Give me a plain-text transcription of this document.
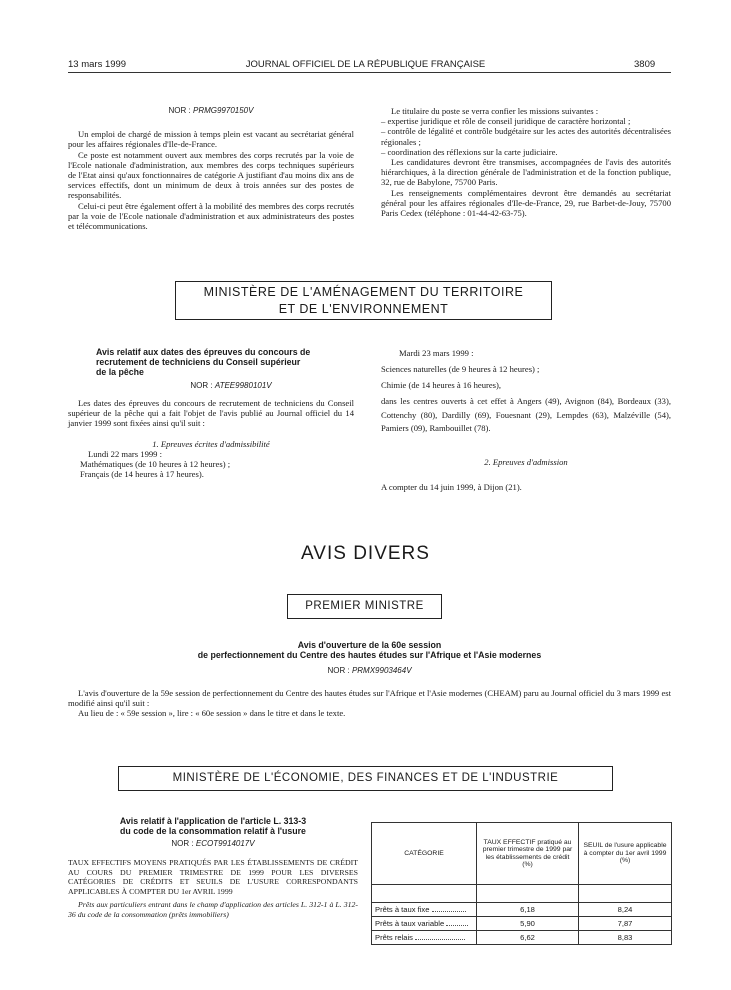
13 mars 1999	JOURNAL OFFICIEL DE LA RÉPUBLIQUE FRANÇAISE	3809
NOR : PRMG9970150V

Un emploi de chargé de mission à temps plein est vacant au secrétariat général pour les affaires régionales d'Ile-de-France.

Ce poste est notamment ouvert aux membres des corps recrutés par la voie de l'Ecole nationale d'administration, aux membres des corps techniques supérieurs de l'Etat ainsi qu'aux fonctionnaires de catégorie A justifiant d'au moins dix ans de services effectifs, dont un minimum de deux à trois années sur des postes de responsabilités.

Celui-ci peut être également offert à la mobilité des membres des corps recrutés par la voie de l'Ecole nationale d'administration et aux administrateurs des postes et télécommunications.

Le titulaire du poste se verra confier les missions suivantes :

– expertise juridique et rôle de conseil juridique de caractère horizontal ;
– contrôle de légalité et contrôle budgétaire sur les actes des autorités décentralisées régionales ;
– coordination des réflexions sur la carte judiciaire.

Les candidatures devront être transmises, accompagnées de l'avis des autorités hiérarchiques, à la direction générale de l'administration et de la fonction publique, 32, rue de Babylone, 75700 Paris.

Les renseignements complémentaires devront être demandés au secrétariat général pour les affaires régionales d'Ile-de-France, 29, rue Barbet-de-Jouy, 75700 Paris Cedex (téléphone : 01-44-42-63-75).

MINISTÈRE DE L'AMÉNAGEMENT DU TERRITOIRE
ET DE L'ENVIRONNEMENT
Avis relatif aux dates des épreuves du concours de
recrutement de techniciens du Conseil supérieur
de la pêche
NOR : ATEE9980101V

Les dates des épreuves du concours de recrutement de techniciens du Conseil supérieur de la pêche qui a fait l'objet de l'avis publié au Journal officiel du 14 janvier 1999 sont fixées ainsi qu'il suit :

1. Epreuves écrites d'admissibilité
Lundi 22 mars 1999 :
Mathématiques (de 10 heures à 12 heures) ;
Français (de 14 heures à 17 heures).
Mardi 23 mars 1999 :
Sciences naturelles (de 9 heures à 12 heures) ;
Chimie (de 14 heures à 16 heures),
dans les centres ouverts à cet effet à Angers (49), Avignon (84), Bordeaux (33), Cottenchy (80), Dardilly (69), Fouesnant (29), Lempdes (63), Malzéville (54), Pamiers (09), Rambouillet (78).
2. Epreuves d'admission
A compter du 14 juin 1999, à Dijon (21).
AVIS DIVERS
PREMIER MINISTRE
Avis d'ouverture de la 60e session
de perfectionnement du Centre des hautes études sur l'Afrique et l'Asie modernes
NOR : PRMX9903464V

L'avis d'ouverture de la 59e session de perfectionnement du Centre des hautes études sur l'Afrique et l'Asie modernes (CHEAM) paru au Journal officiel du 3 mars 1999 est modifié ainsi qu'il suit :

Au lieu de : « 59e session », lire : « 60e session » dans le titre et dans le texte.

MINISTÈRE DE L'ÉCONOMIE, DES FINANCES ET DE L'INDUSTRIE
Avis relatif à l'application de l'article L. 313-3
du code de la consommation relatif à l'usure
NOR : ECOT9914017V

TAUX EFFECTIFS MOYENS PRATIQUÉS PAR LES ÉTABLISSEMENTS DE CRÉDIT AU COURS DU PREMIER TRIMESTRE DE 1999 POUR LES DIVERSES CATÉGORIES DE CRÉDITS ET SEUILS DE L'USURE CORRESPONDANTS APPLICABLES À COMPTER DU 1er AVRIL 1999

Prêts aux particuliers entrant dans le champ d'application des articles L. 312-1 à L. 312-36 du code de la consommation (prêts immobiliers)

CATÉGORIE	TAUX EFFECTIF pratiqué au premier trimestre de 1999 par les établissements de crédit (%)	SEUIL de l'usure applicable à compter du 1er avril 1999 (%)

Prêts à taux fixe	6,18	8,24
Prêts à taux variable	5,90	7,87
Prêts relais	6,62	8,83
